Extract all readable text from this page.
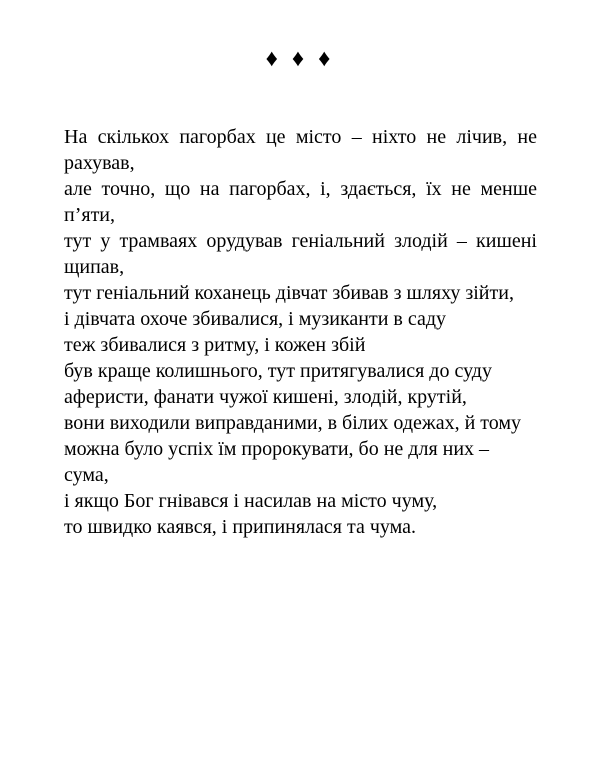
♦ ♦ ♦
На скількох пагорбах це місто – ніхто не лічив, не рахував,
але точно, що на пагорбах, і, здається, їх не менше п’яти,
тут у трамваях орудував геніальний злодій – кишені щипав,
тут геніальний коханець дівчат збивав з шляху зійти,
і дівчата охоче збивалися, і музиканти в саду
теж збивалися з ритму, і кожен збій
був краще колишнього, тут притягувалися до суду
аферисти, фанати чужої кишені, злодій, крутій,
вони виходили виправданими, в білих одежах, й тому
можна було успіх їм пророкувати, бо не для них – сума,
і якщо Бог гнівався і насилав на місто чуму,
то швидко каявся, і припинялася та чума.
